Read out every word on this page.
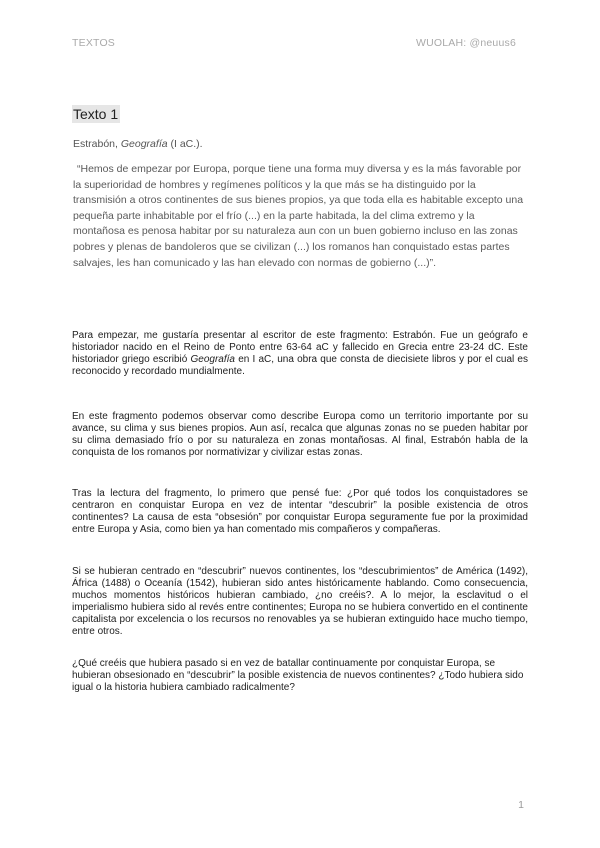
TEXTOS	WUOLAH: @neuus6
Texto 1
Estrabón, Geografía (I aC.).

“Hemos de empezar por Europa, porque tiene una forma muy diversa y es la más favorable por la superioridad de hombres y regímenes políticos y la que más se ha distinguido por la transmisión a otros continentes de sus bienes propios, ya que toda ella es habitable excepto una pequeña parte inhabitable por el frío (...) en la parte habitada, la del clima extremo y la montañosa es penosa habitar por su naturaleza aun con un buen gobierno incluso en las zonas pobres y plenas de bandoleros que se civilizan (...) los romanos han conquistado estas partes salvajes, les han comunicado y las han elevado con normas de gobierno (...)”.

Para empezar, me gustaría presentar al escritor de este fragmento: Estrabón. Fue un geógrafo e historiador nacido en el Reino de Ponto entre 63-64 aC y fallecido en Grecia entre 23-24 dC. Este historiador griego escribió Geografía en I aC, una obra que consta de diecisiete libros y por el cual es reconocido y recordado mundialmente.

En este fragmento podemos observar como describe Europa como un territorio importante por su avance, su clima y sus bienes propios. Aun así, recalca que algunas zonas no se pueden habitar por su clima demasiado frío o por su naturaleza en zonas montañosas. Al final, Estrabón habla de la conquista de los romanos por normativizar y civilizar estas zonas.

Tras la lectura del fragmento, lo primero que pensé fue: ¿Por qué todos los conquistadores se centraron en conquistar Europa en vez de intentar “descubrir” la posible existencia de otros continentes? La causa de esta “obsesión” por conquistar Europa seguramente fue por la proximidad entre Europa y Asia, como bien ya han comentado mis compañeros y compañeras.

Si se hubieran centrado en “descubrir” nuevos continentes, los “descubrimientos” de América (1492), África (1488) o Oceanía (1542), hubieran sido antes históricamente hablando. Como consecuencia, muchos momentos históricos hubieran cambiado, ¿no creéis?. A lo mejor, la esclavitud o el imperialismo hubiera sido al revés entre continentes; Europa no se hubiera convertido en el continente capitalista por excelencia o los recursos no renovables ya se hubieran extinguido hace mucho tiempo, entre otros.

¿Qué creéis que hubiera pasado si en vez de batallar continuamente por conquistar Europa, se hubieran obsesionado en “descubrir” la posible existencia de nuevos continentes? ¿Todo hubiera sido igual o la historia hubiera cambiado radicalmente?

1
